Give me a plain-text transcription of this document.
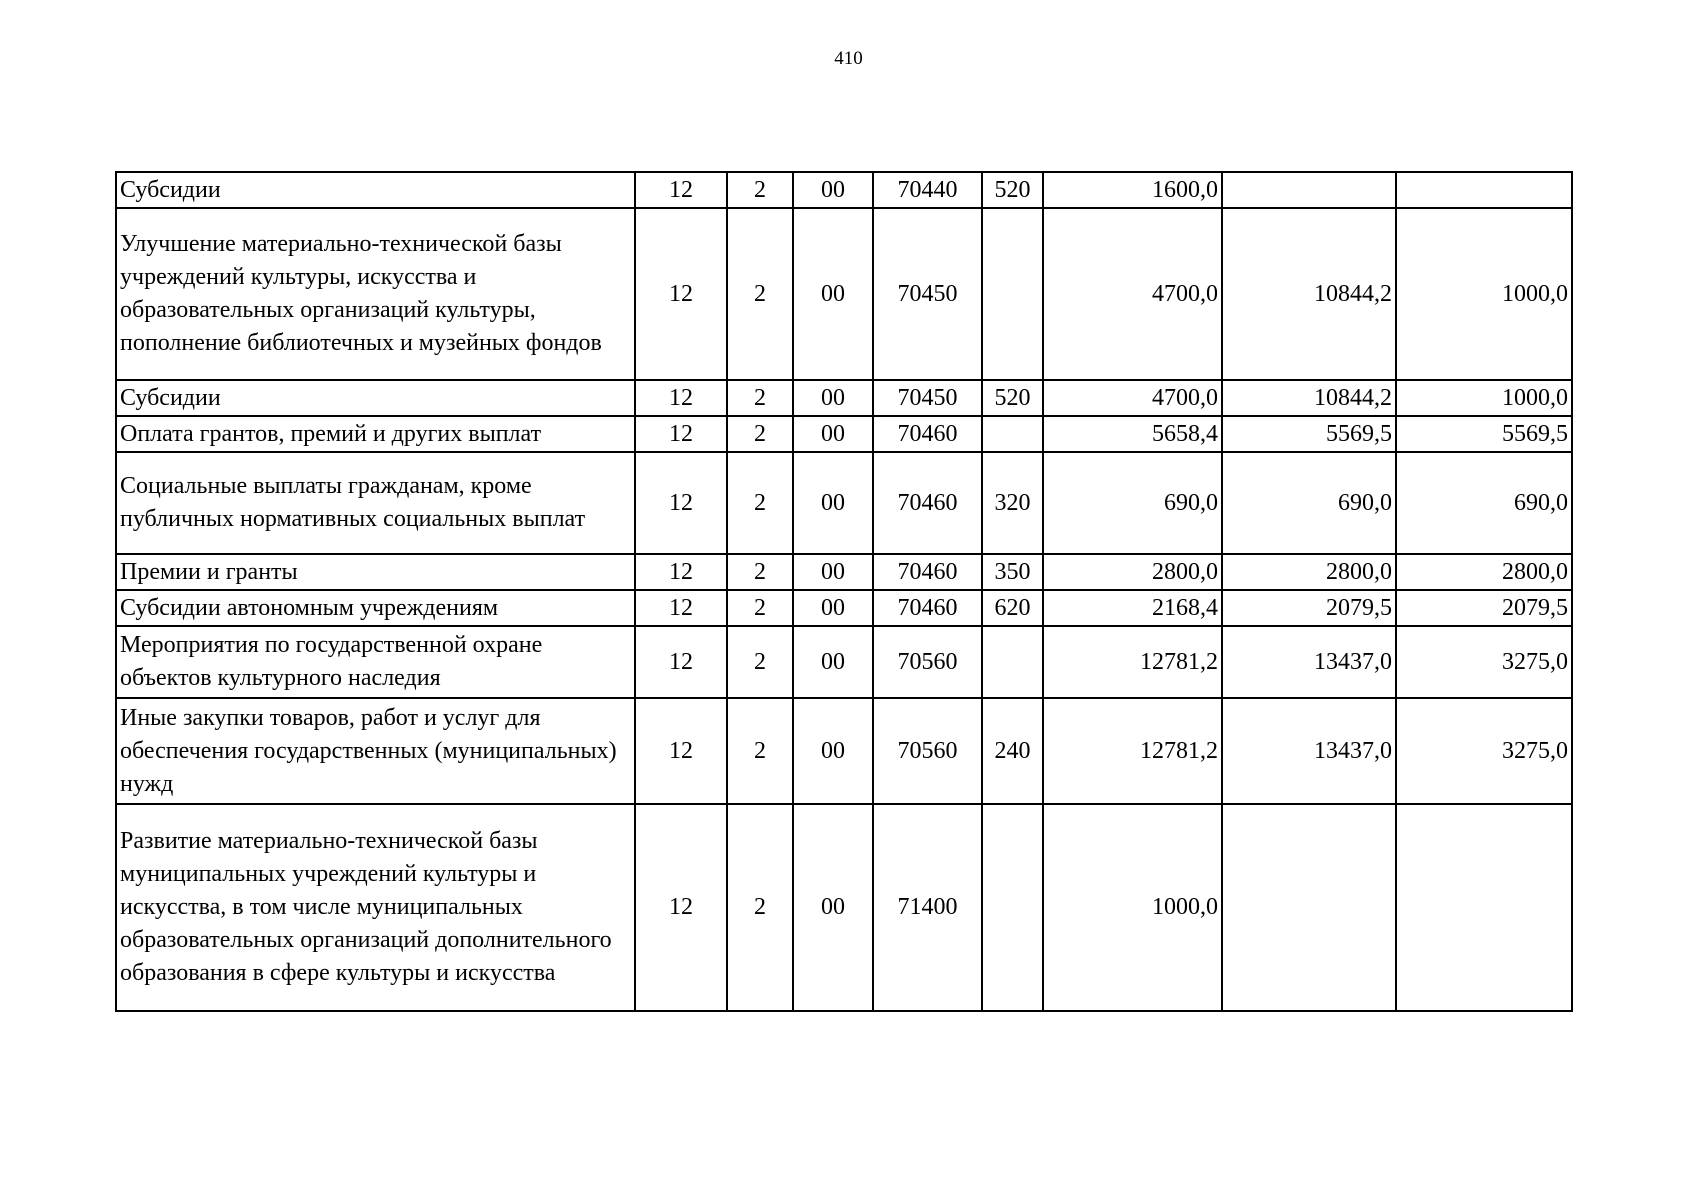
410
Субсидии	12	2	00	70440	520	1600,0		
Улучшение материально-технической базы учреждений культуры, искусства и образовательных организаций культуры, пополнение библиотечных и музейных фондов	12	2	00	70450		4700,0	10844,2	1000,0
Субсидии	12	2	00	70450	520	4700,0	10844,2	1000,0
Оплата грантов, премий и других выплат	12	2	00	70460		5658,4	5569,5	5569,5
Социальные выплаты гражданам, кроме публичных нормативных социальных выплат	12	2	00	70460	320	690,0	690,0	690,0
Премии и гранты	12	2	00	70460	350	2800,0	2800,0	2800,0
Субсидии автономным учреждениям	12	2	00	70460	620	2168,4	2079,5	2079,5
Мероприятия по государственной охране объектов культурного наследия	12	2	00	70560		12781,2	13437,0	3275,0
Иные закупки товаров, работ и услуг для обеспечения государственных (муниципальных) нужд	12	2	00	70560	240	12781,2	13437,0	3275,0
Развитие материально-технической базы муниципальных учреждений культуры и искусства, в том числе муниципальных образовательных организаций дополнительного образования в сфере культуры и искусства	12	2	00	71400		1000,0		
